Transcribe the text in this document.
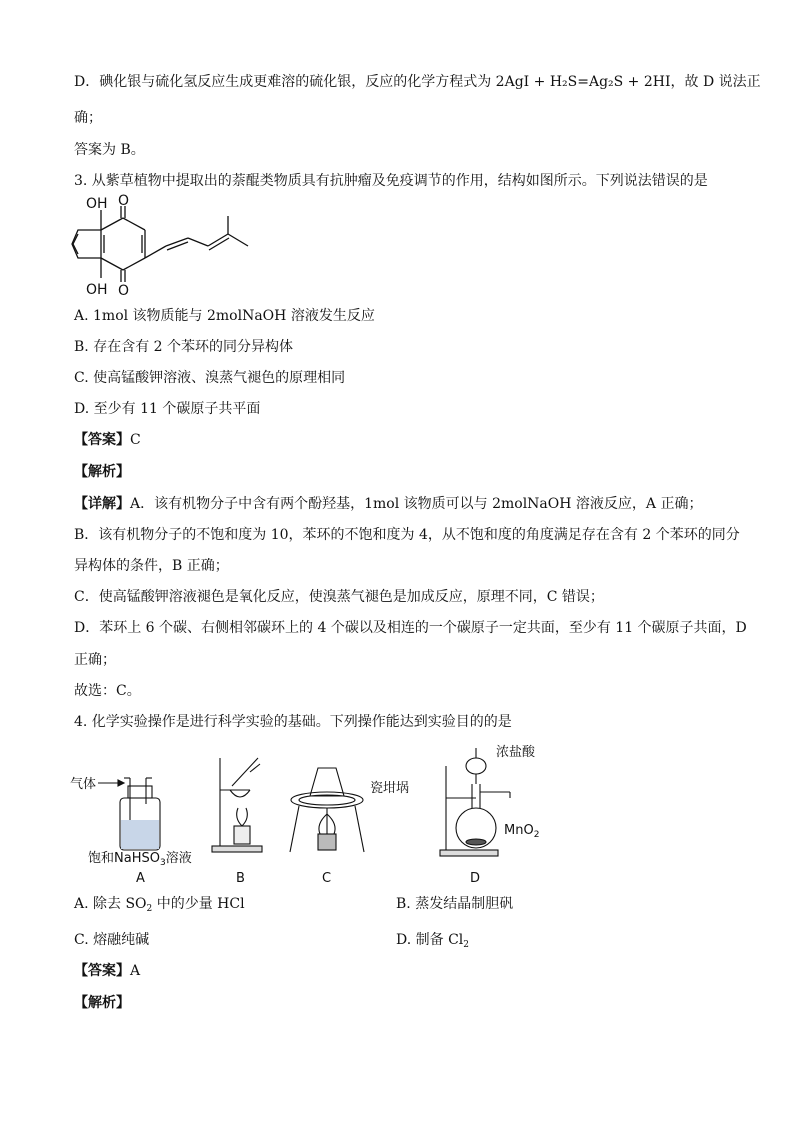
D．碘化银与硫化氢反应生成更难溶的硫化银，反应的化学方程式为 2AgI + H₂S=Ag₂S + 2HI，故 D 说法正
确；
答案为 B。
3. 从紫草植物中提取出的萘醌类物质具有抗肿瘤及免疫调节的作用，结构如图所示。下列说法错误的是
OH
OH
O
O
A. 1mol 该物质能与 2molNaOH 溶液发生反应
B. 存在含有 2 个苯环的同分异构体
C. 使高锰酸钾溶液、溴蒸气褪色的原理相同
D. 至少有 11 个碳原子共平面
【答案】C
【解析】
【详解】A．该有机物分子中含有两个酚羟基，1mol 该物质可以与 2molNaOH 溶液反应，A 正确；
B．该有机物分子的不饱和度为 10，苯环的不饱和度为 4，从不饱和度的角度满足存在含有 2 个苯环的同分
异构体的条件，B 正确；
C．使高锰酸钾溶液褪色是氧化反应，使溴蒸气褪色是加成反应，原理不同，C 错误；
D．苯环上 6 个碳、右侧相邻碳环上的 4 个碳以及相连的一个碳原子一定共面，至少有 11 个碳原子共面，D
正确；
故选：C。
4. 化学实验操作是进行科学实验的基础。下列操作能达到实验目的的是
气体
饱和NaHSO$_3$溶液
瓷坩埚
浓盐酸
MnO$_2$
A	B	C	D
A. 除去 $SO_2$ 中的少量 HCl	B. 蒸发结晶制胆矾
C. 熔融纯碱	D. 制备 $Cl_2$
【答案】A
【解析】
